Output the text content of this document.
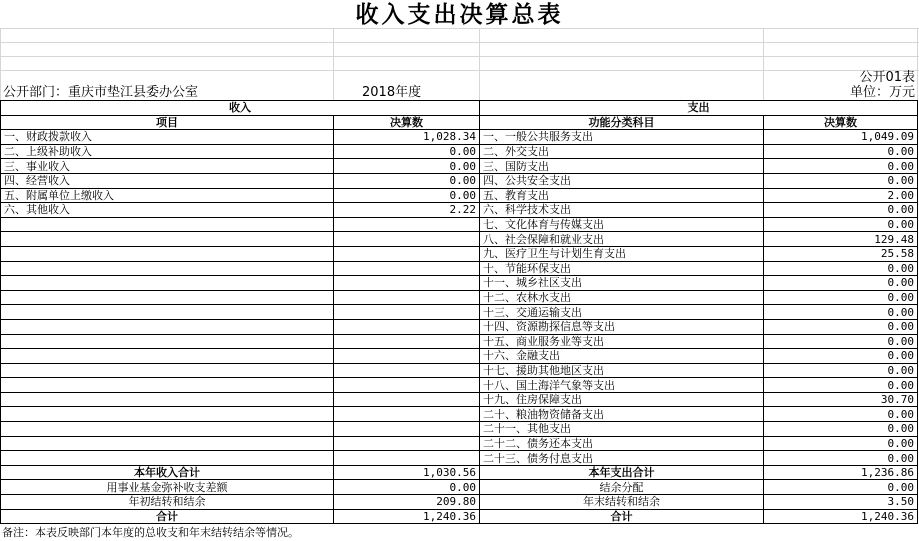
收入支出决算总表
公开01表
公开部门：重庆市垫江县委办公室	2018年度	单位：万元
收入		支出	
项目	决算数	功能分类科目	决算数
一、财政拨款收入	1,028.34	一、一般公共服务支出	1,049.09
二、上级补助收入	0.00	二、外交支出	0.00
三、事业收入	0.00	三、国防支出	0.00
四、经营收入	0.00	四、公共安全支出	0.00
五、附属单位上缴收入	0.00	五、教育支出	2.00
六、其他收入	2.22	六、科学技术支出	0.00
		七、文化体育与传媒支出	0.00
		八、社会保障和就业支出	129.48
		九、医疗卫生与计划生育支出	25.58
		十、节能环保支出	0.00
		十一、城乡社区支出	0.00
		十二、农林水支出	0.00
		十三、交通运输支出	0.00
		十四、资源勘探信息等支出	0.00
		十五、商业服务业等支出	0.00
		十六、金融支出	0.00
		十七、援助其他地区支出	0.00
		十八、国土海洋气象等支出	0.00
		十九、住房保障支出	30.70
		二十、粮油物资储备支出	0.00
		二十一、其他支出	0.00
		二十二、债务还本支出	0.00
		二十三、债务付息支出	0.00
本年收入合计	1,030.56	本年支出合计	1,236.86
用事业基金弥补收支差额	0.00	结余分配	0.00
年初结转和结余	209.80	年末结转和结余	3.50
合计	1,240.36	合计	1,240.36
备注：本表反映部门本年度的总收支和年末结转结余等情况。
